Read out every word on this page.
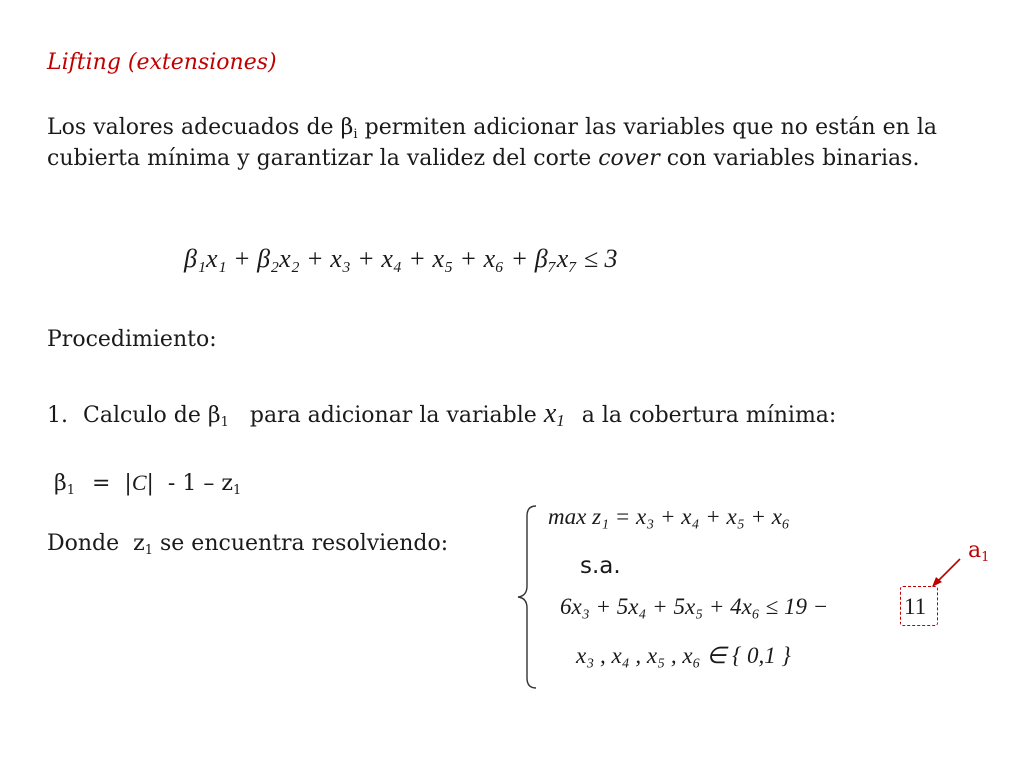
Lifting (extensiones)
Los valores adecuados de $\beta_i$ permiten adicionar las variables que no están en la cubierta mínima y garantizar la validez del corte cover con variables binarias.
β₁x₁ + β₂x₂ + x₃ + x₄ + x₅ + x₆ + β₇x₇ ≤ 3
Procedimiento:
1. Calculo de $\beta_1$ para adicionar la variable $x_1$ a la cobertura mínima:
$\beta_1 = |C| - 1 - z_1$
Donde  $z_1$ se encuentra resolviendo:
max z₁ = x₃ + x₄ + x₅ + x₆
s.a.
6x₃ + 5x₄ + 5x₅ + 4x₆ ≤ 19 −	11
x₃ , x₄ , x₅ , x₆ ∈ { 0,1 }
$a_1$
